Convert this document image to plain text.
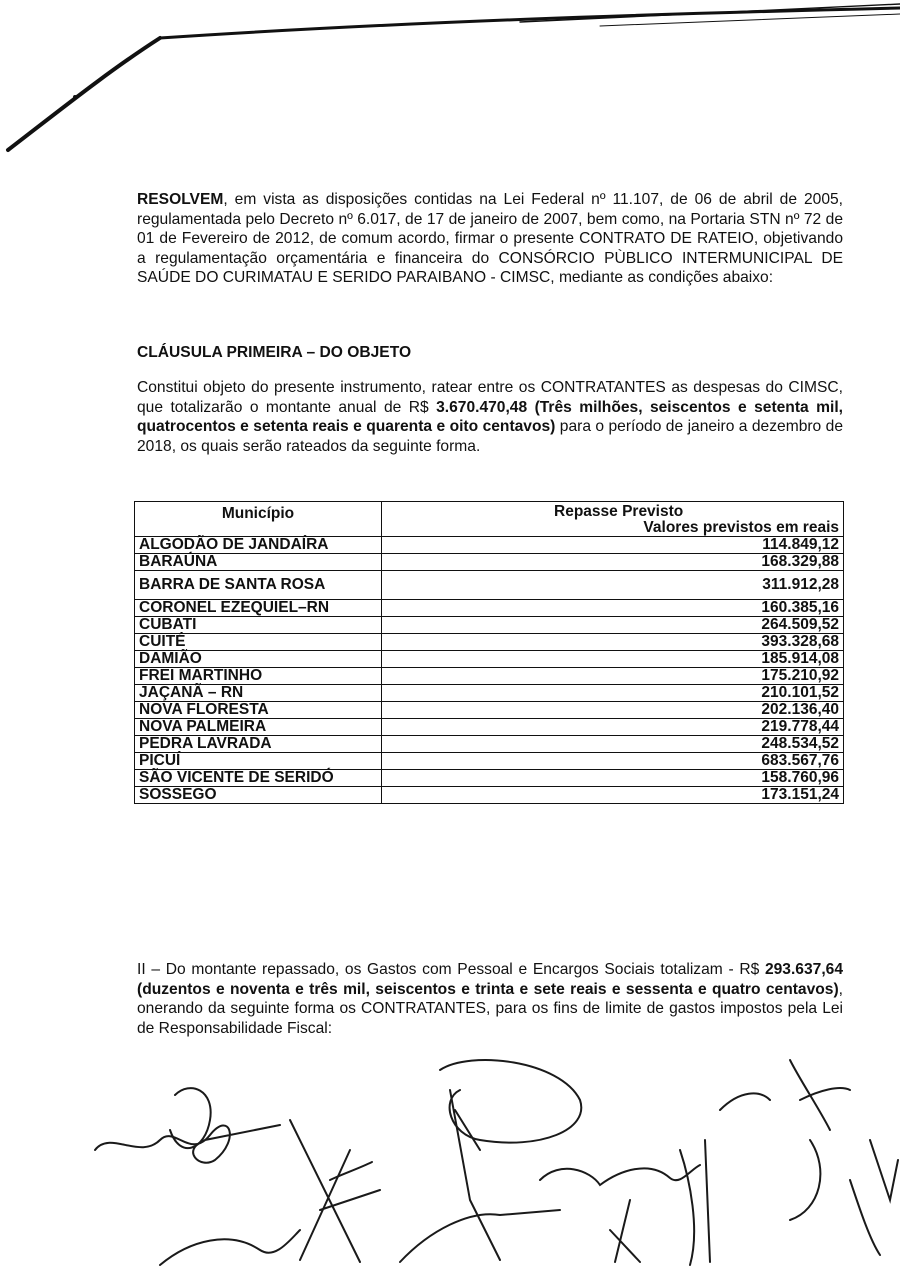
RESOLVEM, em vista as disposições contidas na Lei Federal nº 11.107, de 06 de abril de 2005, regulamentada pelo Decreto nº 6.017, de 17 de janeiro de 2007, bem como, na Portaria STN nº 72 de 01 de Fevereiro de 2012, de comum acordo, firmar o presente CONTRATO DE RATEIO, objetivando a regulamentação orçamentária e financeira do CONSÓRCIO PÙBLICO INTERMUNICIPAL DE SAÚDE DO CURIMATAU E SERIDO PARAIBANO - CIMSC, mediante as condições abaixo:

CLÁUSULA PRIMEIRA – DO OBJETO

Constitui objeto do presente instrumento, ratear entre os CONTRATANTES as despesas do CIMSC, que totalizarão o montante anual de R$ 3.670.470,48 (Três milhões, seiscentos e setenta mil, quatrocentos e setenta reais e quarenta e oito centavos) para o período de janeiro a dezembro de 2018, os quais serão rateados da seguinte forma.

Município	Repasse Previsto
Valores previstos em reais

ALGODÃO DE JANDAÍRA	114.849,12
BARAÚNA	168.329,88
BARRA DE SANTA ROSA	311.912,28
CORONEL EZEQUIEL–RN	160.385,16
CUBATI	264.509,52
CUITÉ	393.328,68
DAMIÃO	185.914,08
FREI MARTINHO	175.210,92
JAÇANÃ – RN	210.101,52
NOVA FLORESTA	202.136,40
NOVA PALMEIRA	219.778,44
PEDRA LAVRADA	248.534,52
PICUÍ	683.567,76
SÃO VICENTE DE SERIDÓ	158.760,96
SOSSEGO	173.151,24

II – Do montante repassado, os Gastos com Pessoal e Encargos Sociais totalizam - R$ 293.637,64 (duzentos e noventa e três mil, seiscentos e trinta e sete reais e sessenta e quatro centavos), onerando da seguinte forma os CONTRATANTES, para os fins de limite de gastos impostos pela Lei de Responsabilidade Fiscal:
